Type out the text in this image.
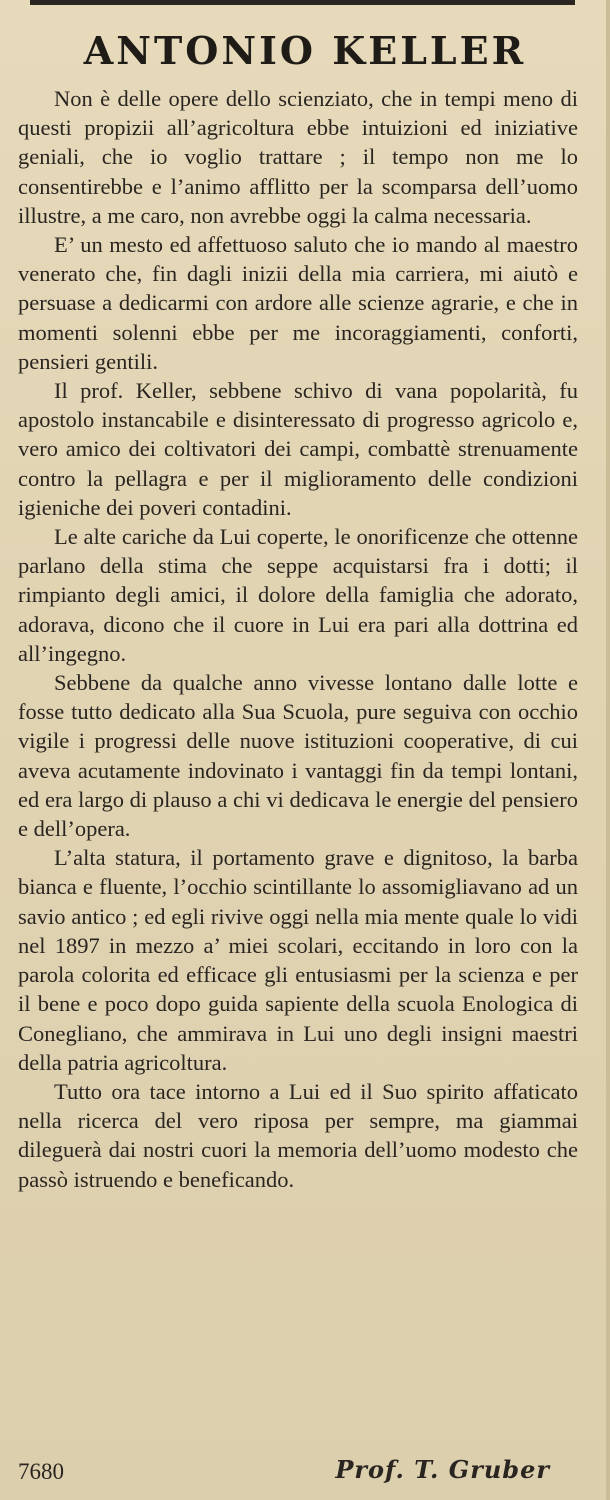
ANTONIO KELLER

Non è delle opere dello scienziato, che in tempi meno di questi propizii all’agricoltura ebbe intuizioni ed iniziative geniali, che io voglio trattare ; il tempo non me lo consentirebbe e l’animo afflitto per la scomparsa dell’uomo illustre, a me caro, non avrebbe oggi la calma necessaria.

E’ un mesto ed affettuoso saluto che io mando al maestro venerato che, fin dagli inizii della mia carriera, mi aiutò e persuase a dedicarmi con ardore alle scienze agrarie, e che in momenti solenni ebbe per me incoraggiamenti, conforti, pensieri gentili.

Il prof. Keller, sebbene schivo di vana popolarità, fu apostolo instancabile e disinteressato di progresso agricolo e, vero amico dei coltivatori dei campi, combattè strenuamente contro la pellagra e per il miglioramento delle condizioni igieniche dei poveri contadini.

Le alte cariche da Lui coperte, le onorificenze che ottenne parlano della stima che seppe acquistarsi fra i dotti; il rimpianto degli amici, il dolore della famiglia che adorato, adorava, dicono che il cuore in Lui era pari alla dottrina ed all’ingegno.

Sebbene da qualche anno vivesse lontano dalle lotte e fosse tutto dedicato alla Sua Scuola, pure seguiva con occhio vigile i progressi delle nuove istituzioni cooperative, di cui aveva acutamente indovinato i vantaggi fin da tempi lontani, ed era largo di plauso a chi vi dedicava le energie del pensiero e dell’opera.

L’alta statura, il portamento grave e dignitoso, la barba bianca e fluente, l’occhio scintillante lo assomigliavano ad un savio antico ; ed egli rivive oggi nella mia mente quale lo vidi nel 1897 in mezzo a’ miei scolari, eccitando in loro con la parola colorita ed efficace gli entusiasmi per la scienza e per il bene e poco dopo guida sapiente della scuola Enologica di Conegliano, che ammirava in Lui uno degli insigni maestri della patria agricoltura.

Tutto ora tace intorno a Lui ed il Suo spirito affaticato nella ricerca del vero riposa per sempre, ma giammai dileguerà dai nostri cuori la memoria dell’uomo modesto che passò istruendo e beneficando.

7680	Prof. T. Gruber
